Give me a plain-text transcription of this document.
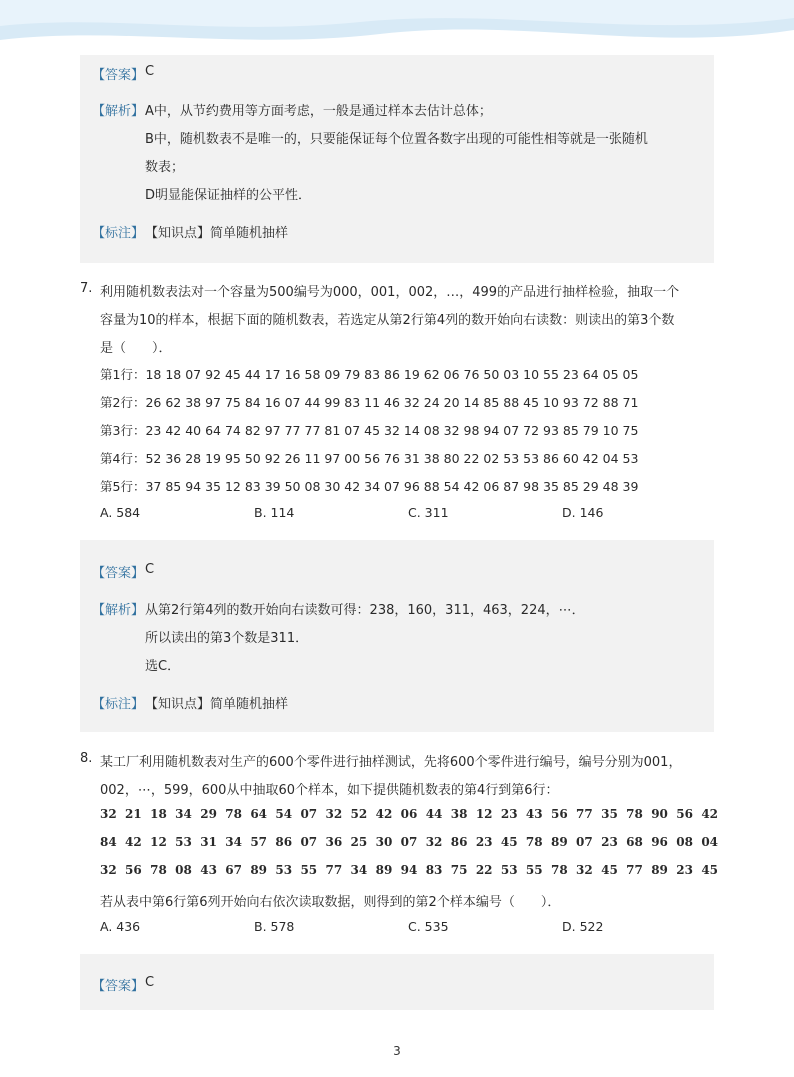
【答案】 C
【解析】 A中，从节约费用等方面考虑，一般是通过样本去估计总体；
B中，随机数表不是唯一的，只要能保证每个位置各数字出现的可能性相等就是一张随机
数表；
D明显能保证抽样的公平性．
【标注】 【知识点】简单随机抽样
7. 利用随机数表法对一个容量为500编号为000，001，002，…，499的产品进行抽样检验，抽取一个
容量为10的样本，根据下面的随机数表，若选定从第2行第4列的数开始向右读数：则读出的第3个数
是（　　）．
第1行：18 18 07 92 45 44 17 16 58 09 79 83 86 19 62 06 76 50 03 10 55 23 64 05 05
第2行：26 62 38 97 75 84 16 07 44 99 83 11 46 32 24 20 14 85 88 45 10 93 72 88 71
第3行：23 42 40 64 74 82 97 77 77 81 07 45 32 14 08 32 98 94 07 72 93 85 79 10 75
第4行：52 36 28 19 95 50 92 26 11 97 00 56 76 31 38 80 22 02 53 53 86 60 42 04 53
第5行：37 85 94 35 12 83 39 50 08 30 42 34 07 96 88 54 42 06 87 98 35 85 29 48 39
A. 584	B. 114	C. 311	D. 146
【答案】 C
【解析】 从第2行第4列的数开始向右读数可得：238，160，311，463，224，⋯．
所以读出的第3个数是311．
选C．
【标注】 【知识点】简单随机抽样
8. 某工厂利用随机数表对生产的600个零件进行抽样测试，先将600个零件进行编号，编号分别为001，
002，⋯，599，600从中抽取60个样本，如下提供随机数表的第4行到第6行：
32  21  18  34  29  78  64  54  07  32  52  42  06  44  38  12  23  43  56  77  35  78  90  56  42
84  42  12  53  31  34  57  86  07  36  25  30  07  32  86  23  45  78  89  07  23  68  96  08  04
32  56  78  08  43  67  89  53  55  77  34  89  94  83  75  22  53  55  78  32  45  77  89  23  45
若从表中第6行第6列开始向右依次读取数据，则得到的第2个样本编号（　　）．
A. 436	B. 578	C. 535	D. 522
【答案】 C
3
